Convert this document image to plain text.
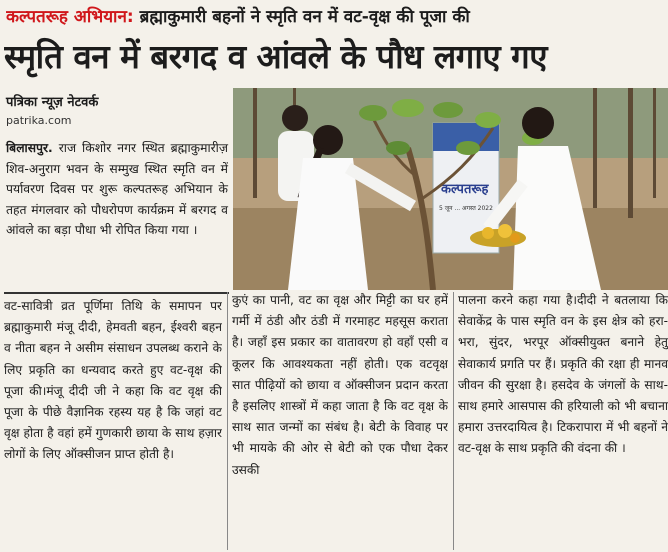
कल्पतरूह अभियान: ब्रह्माकुमारी बहनों ने स्मृति वन में वट-वृक्ष की पूजा की
स्मृति वन में बरगद व आंवले के पौध लगाए गए
पत्रिका न्यूज़ नेटवर्क
patrika.com
कल्पतरूह
5 जून ... अगस्त 2022
बिलासपुर. राज किशोर नगर स्थित ब्रह्माकुमारीज़ शिव-अनुराग भवन के सम्मुख स्थित स्मृति वन में पर्यावरण दिवस पर शुरू कल्पतरूह अभियान के तहत मंगलवार को पौधरोपण कार्यक्रम में बरगद व आंवले का बड़ा पौधा भी रोपित किया गया ।
वट-सावित्री व्रत पूर्णिमा तिथि के समापन पर ब्रह्माकुमारी मंजू दीदी, हेमवती बहन, ईश्वरी बहन व नीता बहन ने असीम संसाधन उपलब्ध कराने के लिए प्रकृति का धन्यवाद करते हुए वट-वृक्ष की पूजा की।मंजू दीदी जी ने कहा कि वट वृक्ष की पूजा के पीछे वैज्ञानिक रहस्य यह है कि जहां वट वृक्ष होता है वहां हमें गुणकारी छाया के साथ हज़ार लोगों के लिए ऑक्सीजन प्राप्त होती है।
कुएं का पानी, वट का वृक्ष और मिट्टी का घर हमें गर्मी में ठंडी और ठंडी में गरमाहट महसूस कराता है। जहाँ इस प्रकार का वातावरण हो वहाँ एसी व कूलर कि आवश्यकता नहीं होती। एक वटवृक्ष सात पीढ़ियों को छाया व ऑक्सीजन प्रदान करता है इसलिए शास्त्रों में कहा जाता है कि वट वृक्ष के साथ सात जन्मों का संबंध है। बेटी के विवाह पर भी मायके की ओर से बेटी को एक पौधा देकर उसकी
पालना करने कहा गया है।दीदी ने बतलाया कि सेवाकेंद्र के पास स्मृति वन के इस क्षेत्र को हरा-भरा, सुंदर, भरपूर ऑक्सीयुक्त बनाने हेतु सेवाकार्य प्रगति पर हैं। प्रकृति की रक्षा ही मानव जीवन की सुरक्षा है। हसदेव के जंगलों के साथ-साथ हमारे आसपास की हरियाली को भी बचाना हमारा उत्तरदायित्व है। टिकरापारा में भी बहनों ने वट-वृक्ष के साथ प्रकृति की वंदना की ।
